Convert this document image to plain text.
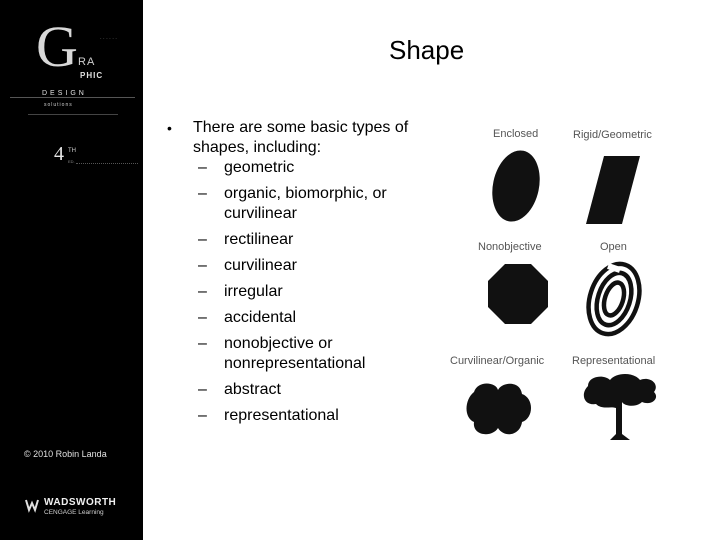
G	· · · · · ·
RA
PHIC
DESIGN
solutions
4 TH
ED.
© 2010 Robin Landa
WADSWORTH
CENGAGE Learning
Shape
• There are some basic types of shapes, including:
– geometric
– organic, biomorphic, or curvilinear
– rectilinear
– curvilinear
– irregular
– accidental
– nonobjective or nonrepresentational
– abstract
– representational
Enclosed	Rigid/Geometric
Nonobjective	Open
Curvilinear/Organic	Representational
